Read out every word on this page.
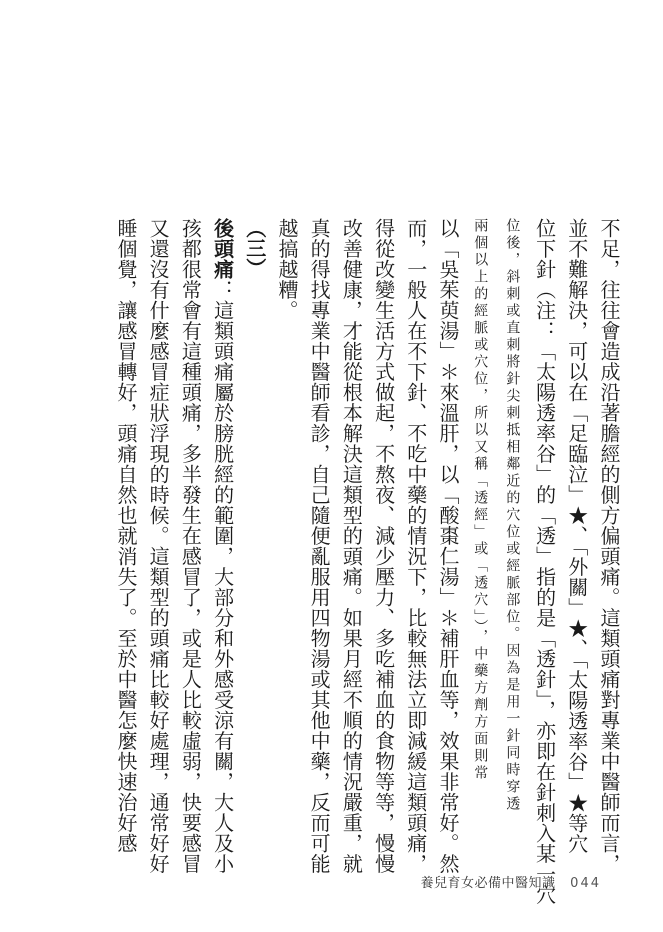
不足，往往會造成沿著膽經的側方偏頭痛。這類頭痛對專業中醫師而言，
並不難解決，可以在「足臨泣」★、「外關」★、「太陽透率谷」★等穴
位下針（注：「太陽透率谷」的「透」指的是「透針」，亦即在針刺入某一穴
位後，斜刺或直刺將針尖刺抵相鄰近的穴位或經脈部位。因為是用一針同時穿透
兩個以上的經脈或穴位，所以又稱「透經」或「透穴」），中藥方劑方面則常
以「吳茱萸湯」＊來溫肝，以「酸棗仁湯」＊補肝血等，效果非常好。然
而，一般人在不下針、不吃中藥的情況下，比較無法立即減緩這類頭痛，
得從改變生活方式做起，不熬夜、減少壓力、多吃補血的食物等等，慢慢
改善健康，才能從根本解決這類型的頭痛。如果月經不順的情況嚴重，就
真的得找專業中醫師看診，自己隨便亂服用四物湯或其他中藥，反而可能
越搞越糟。
（三）
後頭痛：這類頭痛屬於膀胱經的範圍，大部分和外感受涼有關，大人及小
孩都很常會有這種頭痛，多半發生在感冒了，或是人比較虛弱，快要感冒
又還沒有什麼感冒症狀浮現的時候。這類型的頭痛比較好處理，通常好好
睡個覺，讓感冒轉好，頭痛自然也就消失了。至於中醫怎麼快速治好感
養兒育女必備中醫知識 044
